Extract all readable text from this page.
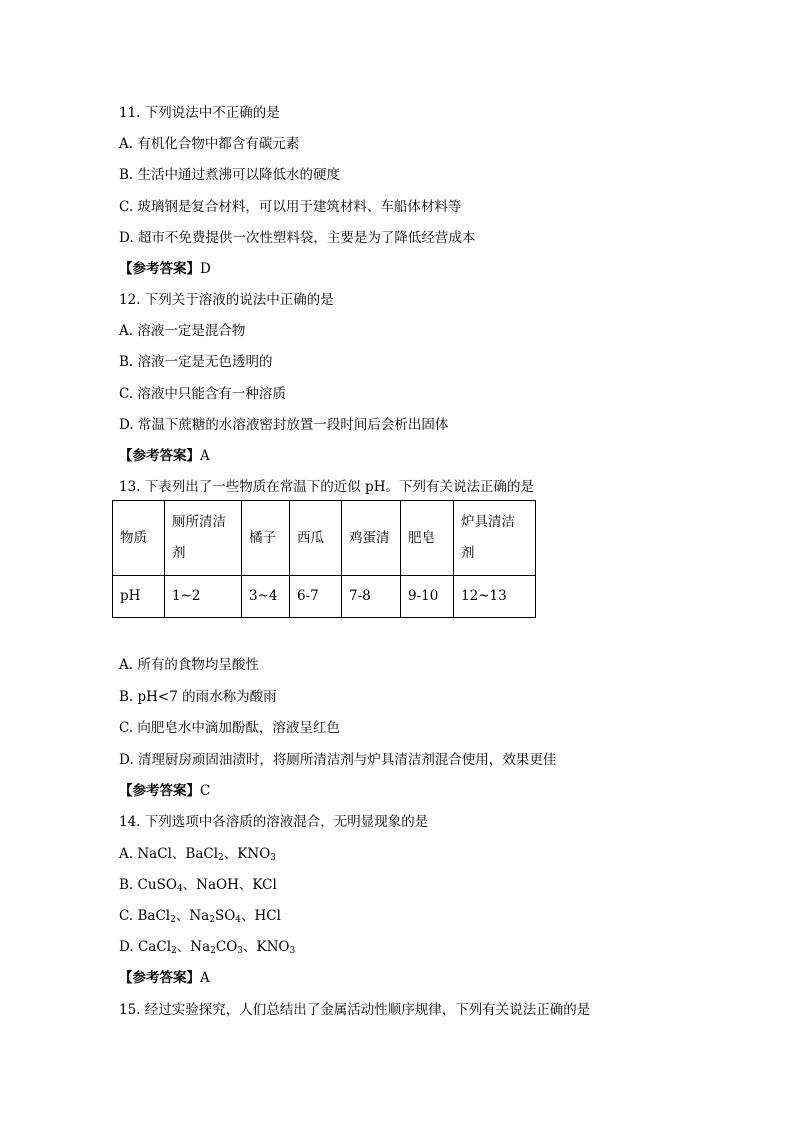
11. 下列说法中不正确的是
A. 有机化合物中都含有碳元素
B. 生活中通过煮沸可以降低水的硬度
C. 玻璃钢是复合材料，可以用于建筑材料、车船体材料等
D. 超市不免费提供一次性塑料袋，主要是为了降低经营成本
【参考答案】D
12. 下列关于溶液的说法中正确的是
A. 溶液一定是混合物
B. 溶液一定是无色透明的
C. 溶液中只能含有一种溶质
D. 常温下蔗糖的水溶液密封放置一段时间后会析出固体
【参考答案】A
13. 下表列出了一些物质在常温下的近似 pH。下列有关说法正确的是
物质	厕所清洁剂	橘子	西瓜	鸡蛋清	肥皂	炉具清洁剂
pH	1~2	3~4	6-7	7-8	9-10	12~13
A. 所有的食物均呈酸性
B. pH<7 的雨水称为酸雨
C. 向肥皂水中滴加酚酞，溶液呈红色
D. 清理厨房顽固油渍时，将厕所清洁剂与炉具清洁剂混合使用，效果更佳
【参考答案】C
14. 下列选项中各溶质的溶液混合，无明显现象的是
A. NaCl、BaCl$_2$、$KNO_3$
B. CuSO$_4$、NaOH、KCl
C. BaCl$_2$、$Na_2SO_4$、HCl
D. CaCl$_2$、$Na_2CO_3$、$KNO_3$
【参考答案】A
15. 经过实验探究，人们总结出了金属活动性顺序规律，下列有关说法正确的是
